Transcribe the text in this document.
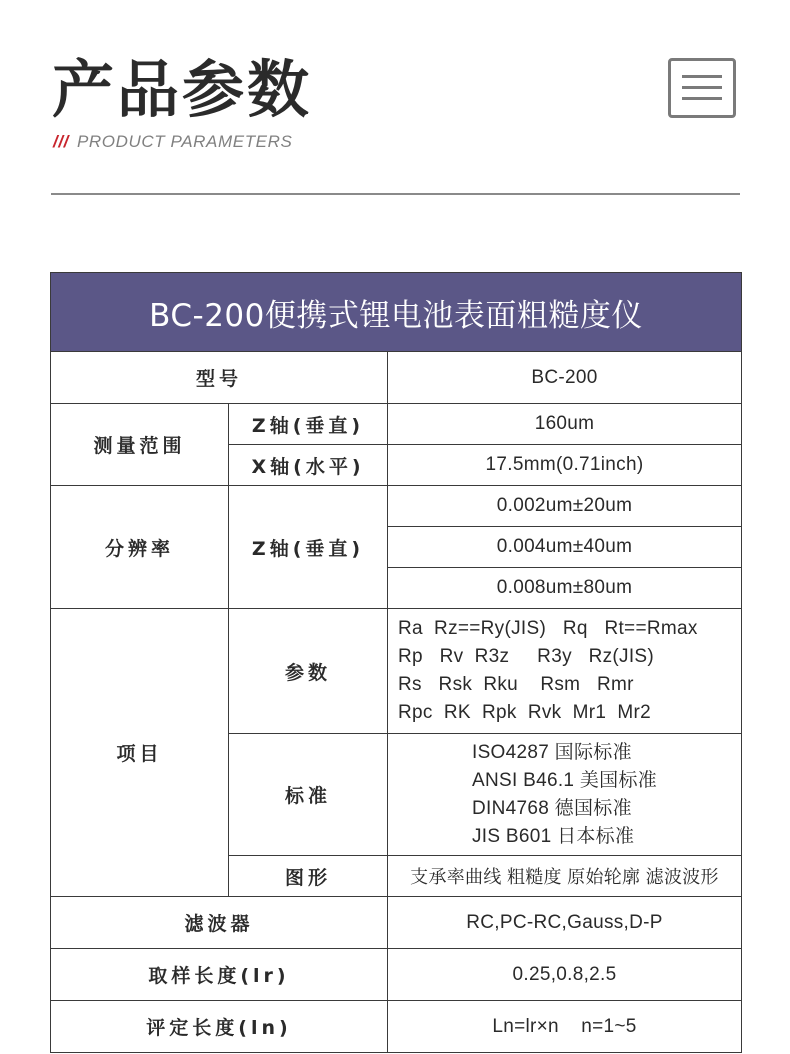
产品参数
/// PRODUCT PARAMETERS
BC-200便携式锂电池表面粗糙度仪		
型号		BC-200
测量范围	Z轴(垂直)	160um
	X轴(水平)	17.5mm(0.71inch)
分辨率	Z轴(垂直)	0.002um±20um
		0.004um±40um
		0.008um±80um
项目	参数	Ra  Rz==Ry(JIS)   Rq   Rt==Rmax
Rp   Rv  R3z     R3y   Rz(JIS)
Rs   Rsk  Rku    Rsm   Rmr
Rpc  RK  Rpk  Rvk  Mr1  Mr2

	标准	ISO4287 国际标准
ANSI B46.1 美国标准
DIN4768 德国标准
JIS B601 日本标准

	图形	支承率曲线 粗糙度 原始轮廓 滤波波形
滤波器		RC,PC-RC,Gauss,D-P
取样长度(lr)		0.25,0.8,2.5
评定长度(ln)		Ln=lr×n    n=1~5
